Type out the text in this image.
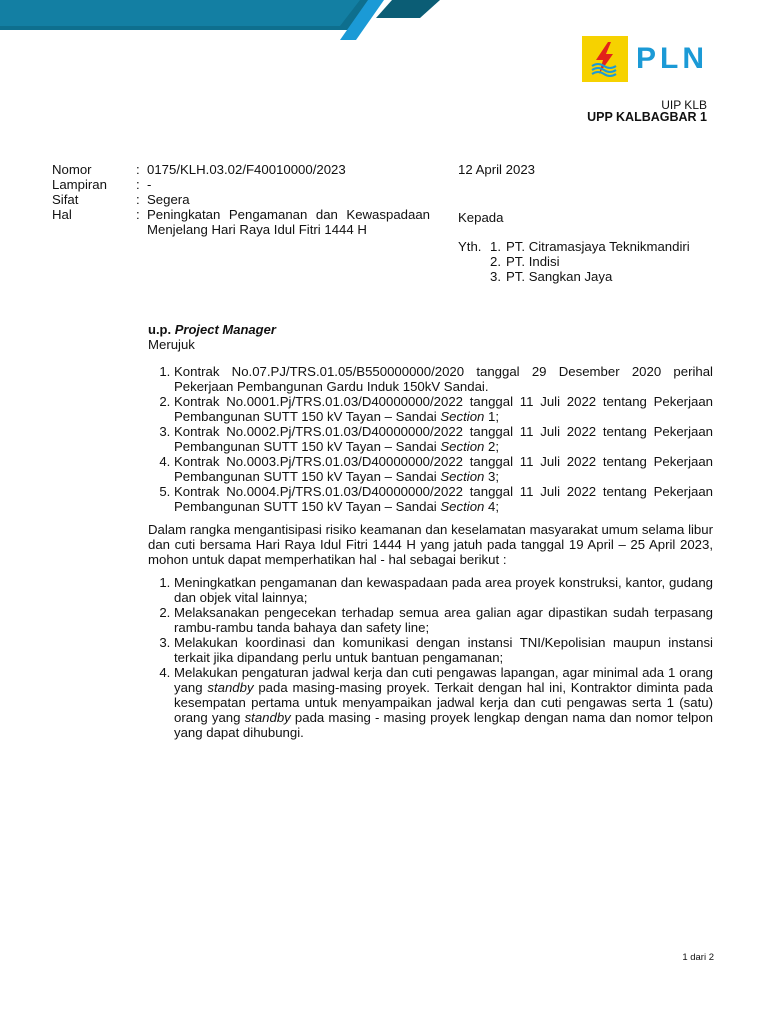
PLN
UIP KLB
UPP KALBAGBAR 1
Nomor	: 0175/KLH.03.02/F40010000/2023
Lampiran	: -
Sifat	: Segera
Hal	: Peningkatan Pengamanan dan Kewaspadaan Menjelang Hari Raya Idul Fitri 1444 H
12 April 2023
Kepada
Yth. 1. PT. Citramasjaya Teknikmandiri
2. PT. Indisi
3. PT. Sangkan Jaya
u.p. Project Manager
Merujuk
1. Kontrak No.07.PJ/TRS.01.05/B550000000/2020 tanggal 29 Desember 2020 perihal Pekerjaan Pembangunan Gardu Induk 150kV Sandai.
2. Kontrak No.0001.Pj/TRS.01.03/D40000000/2022 tanggal 11 Juli 2022 tentang Pekerjaan Pembangunan SUTT 150 kV Tayan – Sandai Section 1;
3. Kontrak No.0002.Pj/TRS.01.03/D40000000/2022 tanggal 11 Juli 2022 tentang Pekerjaan Pembangunan SUTT 150 kV Tayan – Sandai Section 2;
4. Kontrak No.0003.Pj/TRS.01.03/D40000000/2022 tanggal 11 Juli 2022 tentang Pekerjaan Pembangunan SUTT 150 kV Tayan – Sandai Section 3;
5. Kontrak No.0004.Pj/TRS.01.03/D40000000/2022 tanggal 11 Juli 2022 tentang Pekerjaan Pembangunan SUTT 150 kV Tayan – Sandai Section 4;
Dalam rangka mengantisipasi risiko keamanan dan keselamatan masyarakat umum selama libur dan cuti bersama Hari Raya Idul Fitri 1444 H yang jatuh pada tanggal 19 April – 25 April 2023, mohon untuk dapat memperhatikan hal - hal sebagai berikut :
1. Meningkatkan pengamanan dan kewaspadaan pada area proyek konstruksi, kantor, gudang dan objek vital lainnya;
2. Melaksanakan pengecekan terhadap semua area galian agar dipastikan sudah terpasang rambu-rambu tanda bahaya dan safety line;
3. Melakukan koordinasi dan komunikasi dengan instansi TNI/Kepolisian maupun instansi terkait jika dipandang perlu untuk bantuan pengamanan;
4. Melakukan pengaturan jadwal kerja dan cuti pengawas lapangan, agar minimal ada 1 orang yang standby pada masing-masing proyek. Terkait dengan hal ini, Kontraktor diminta pada kesempatan pertama untuk menyampaikan jadwal kerja dan cuti pengawas serta 1 (satu) orang yang standby pada masing - masing proyek lengkap dengan nama dan nomor telpon yang dapat dihubungi.
1 dari 2
